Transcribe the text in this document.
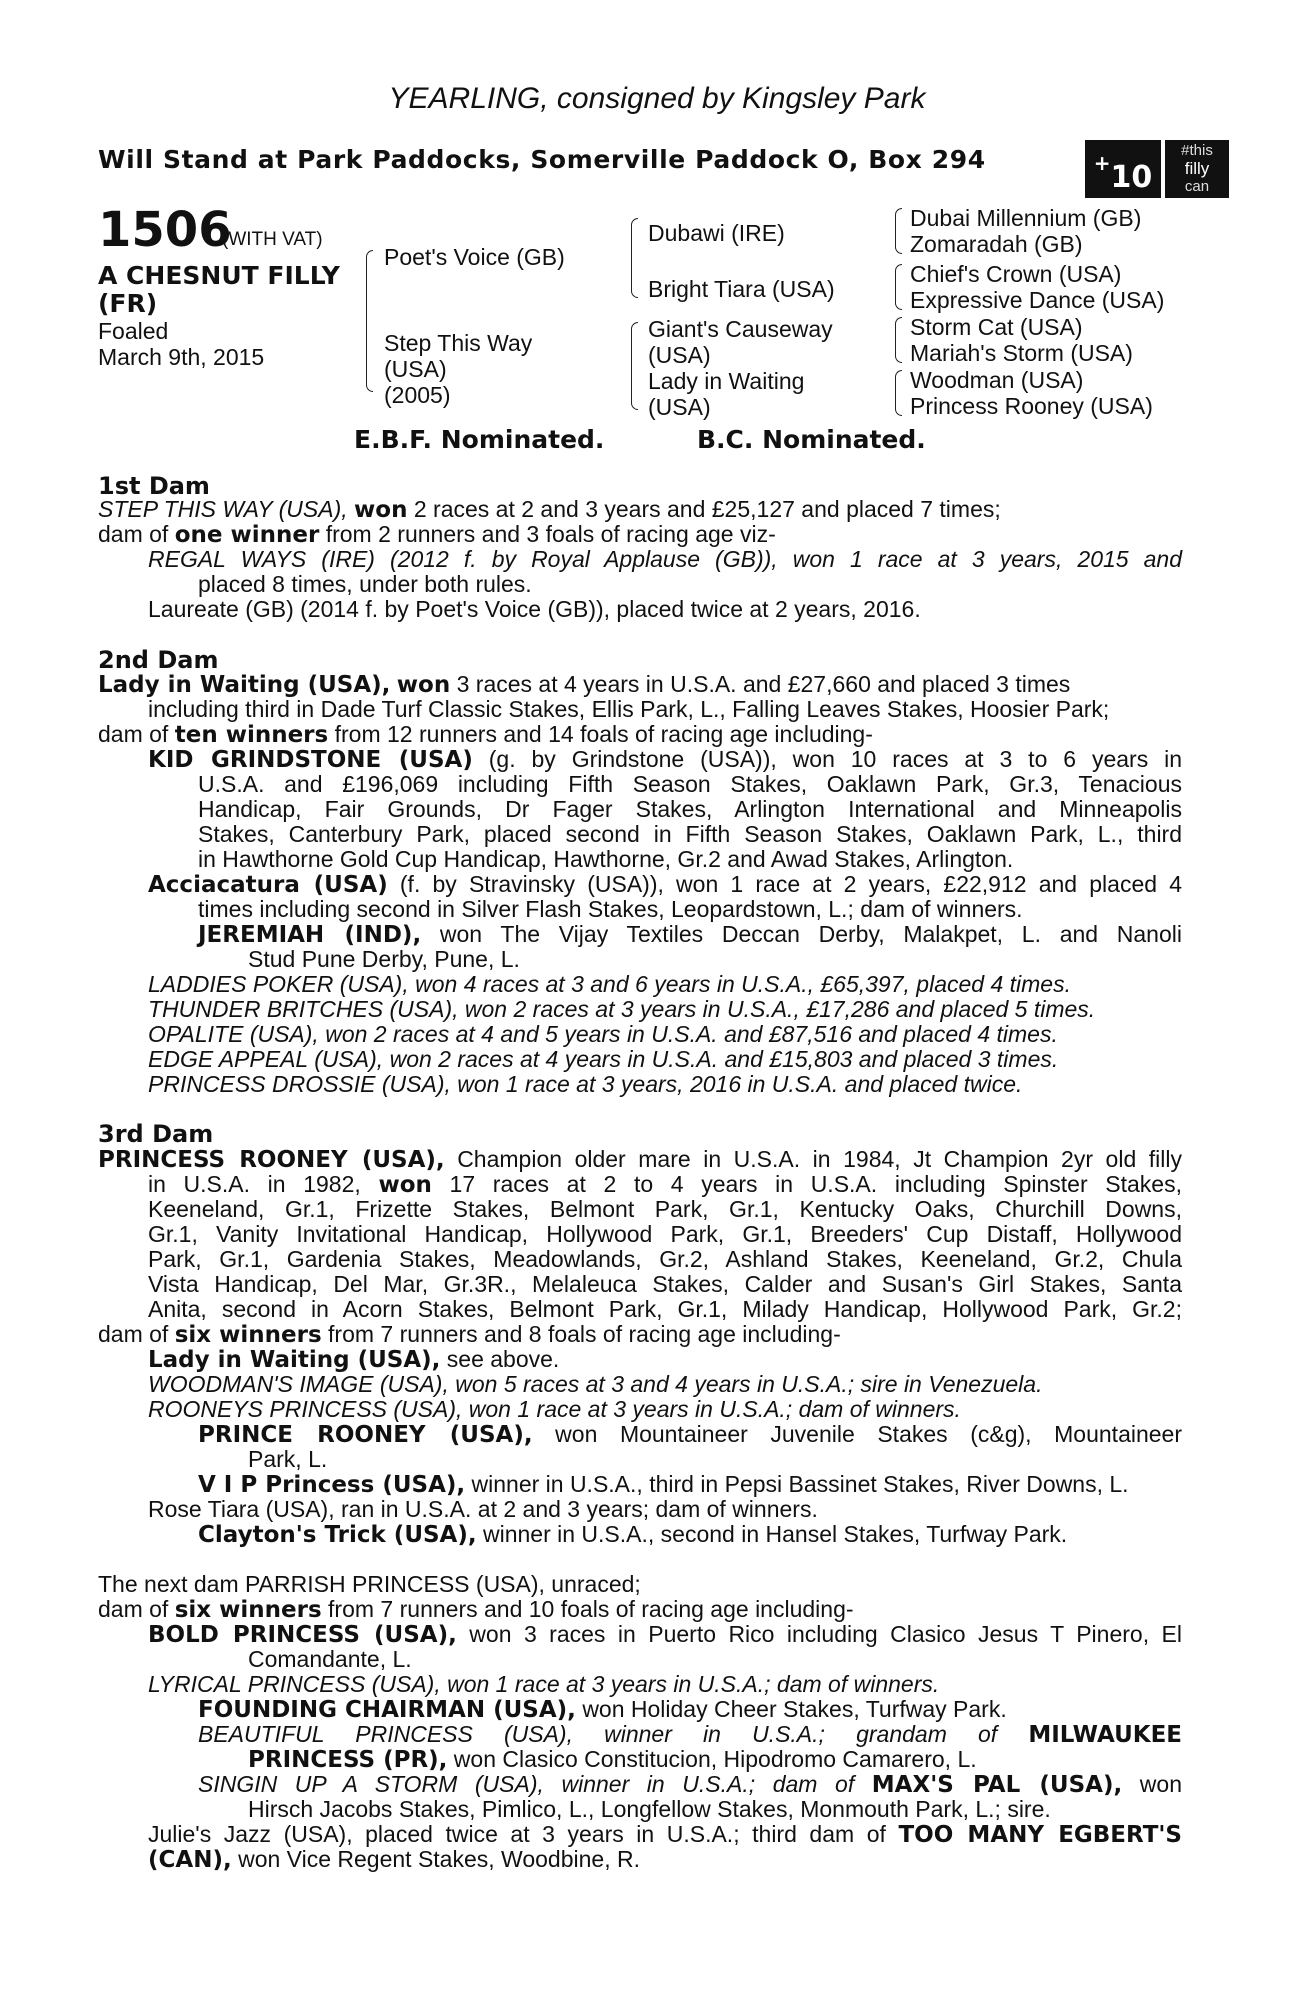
YEARLING, consigned by Kingsley Park
Will Stand at Park Paddocks, Somerville Paddock O, Box 294	+10
#this
filly
can
1506
(WITH VAT)
A CHESNUT FILLY
(FR)
Foaled
March 9th, 2015
Poet's Voice (GB)
Step This Way
(USA)
(2005)
Dubawi (IRE)
Bright Tiara (USA)
Giant's Causeway
(USA)
Lady in Waiting
(USA)
Dubai Millennium (GB)
Zomaradah (GB)
Chief's Crown (USA)
Expressive Dance (USA)
Storm Cat (USA)
Mariah's Storm (USA)
Woodman (USA)
Princess Rooney (USA)
E.B.F. Nominated.	B.C. Nominated.
1st Dam
STEP THIS WAY (USA), won 2 races at 2 and 3 years and £25,127 and placed 7 times;
dam of one winner from 2 runners and 3 foals of racing age viz-
REGAL WAYS (IRE) (2012 f. by Royal Applause (GB)), won 1 race at 3 years, 2015 and
placed 8 times, under both rules.
Laureate (GB) (2014 f. by Poet's Voice (GB)), placed twice at 2 years, 2016.
2nd Dam
Lady in Waiting (USA), won 3 races at 4 years in U.S.A. and £27,660 and placed 3 times
including third in Dade Turf Classic Stakes, Ellis Park, L., Falling Leaves Stakes, Hoosier Park;
dam of ten winners from 12 runners and 14 foals of racing age including-
KID GRINDSTONE (USA) (g. by Grindstone (USA)), won 10 races at 3 to 6 years in
U.S.A. and £196,069 including Fifth Season Stakes, Oaklawn Park, Gr.3, Tenacious
Handicap, Fair Grounds, Dr Fager Stakes, Arlington International and Minneapolis
Stakes, Canterbury Park, placed second in Fifth Season Stakes, Oaklawn Park, L., third
in Hawthorne Gold Cup Handicap, Hawthorne, Gr.2 and Awad Stakes, Arlington.
Acciacatura (USA) (f. by Stravinsky (USA)), won 1 race at 2 years, £22,912 and placed 4
times including second in Silver Flash Stakes, Leopardstown, L.; dam of winners.
JEREMIAH (IND), won The Vijay Textiles Deccan Derby, Malakpet, L. and Nanoli
Stud Pune Derby, Pune, L.
LADDIES POKER (USA), won 4 races at 3 and 6 years in U.S.A., £65,397, placed 4 times.
THUNDER BRITCHES (USA), won 2 races at 3 years in U.S.A., £17,286 and placed 5 times.
OPALITE (USA), won 2 races at 4 and 5 years in U.S.A. and £87,516 and placed 4 times.
EDGE APPEAL (USA), won 2 races at 4 years in U.S.A. and £15,803 and placed 3 times.
PRINCESS DROSSIE (USA), won 1 race at 3 years, 2016 in U.S.A. and placed twice.
3rd Dam
PRINCESS ROONEY (USA), Champion older mare in U.S.A. in 1984, Jt Champion 2yr old filly
in U.S.A. in 1982, won 17 races at 2 to 4 years in U.S.A. including Spinster Stakes,
Keeneland, Gr.1, Frizette Stakes, Belmont Park, Gr.1, Kentucky Oaks, Churchill Downs,
Gr.1, Vanity Invitational Handicap, Hollywood Park, Gr.1, Breeders' Cup Distaff, Hollywood
Park, Gr.1, Gardenia Stakes, Meadowlands, Gr.2, Ashland Stakes, Keeneland, Gr.2, Chula
Vista Handicap, Del Mar, Gr.3R., Melaleuca Stakes, Calder and Susan's Girl Stakes, Santa
Anita, second in Acorn Stakes, Belmont Park, Gr.1, Milady Handicap, Hollywood Park, Gr.2;
dam of six winners from 7 runners and 8 foals of racing age including-
Lady in Waiting (USA), see above.
WOODMAN'S IMAGE (USA), won 5 races at 3 and 4 years in U.S.A.; sire in Venezuela.
ROONEYS PRINCESS (USA), won 1 race at 3 years in U.S.A.; dam of winners.
PRINCE ROONEY (USA), won Mountaineer Juvenile Stakes (c&g), Mountaineer
Park, L.
V I P Princess (USA), winner in U.S.A., third in Pepsi Bassinet Stakes, River Downs, L.
Rose Tiara (USA), ran in U.S.A. at 2 and 3 years; dam of winners.
Clayton's Trick (USA), winner in U.S.A., second in Hansel Stakes, Turfway Park.
The next dam PARRISH PRINCESS (USA), unraced;
dam of six winners from 7 runners and 10 foals of racing age including-
BOLD PRINCESS (USA), won 3 races in Puerto Rico including Clasico Jesus T Pinero, El
Comandante, L.
LYRICAL PRINCESS (USA), won 1 race at 3 years in U.S.A.; dam of winners.
FOUNDING CHAIRMAN (USA), won Holiday Cheer Stakes, Turfway Park.
BEAUTIFUL PRINCESS (USA), winner in U.S.A.; grandam of MILWAUKEE
PRINCESS (PR), won Clasico Constitucion, Hipodromo Camarero, L.
SINGIN UP A STORM (USA), winner in U.S.A.; dam of MAX'S PAL (USA), won
Hirsch Jacobs Stakes, Pimlico, L., Longfellow Stakes, Monmouth Park, L.; sire.
Julie's Jazz (USA), placed twice at 3 years in U.S.A.; third dam of TOO MANY EGBERT'S
(CAN), won Vice Regent Stakes, Woodbine, R.
